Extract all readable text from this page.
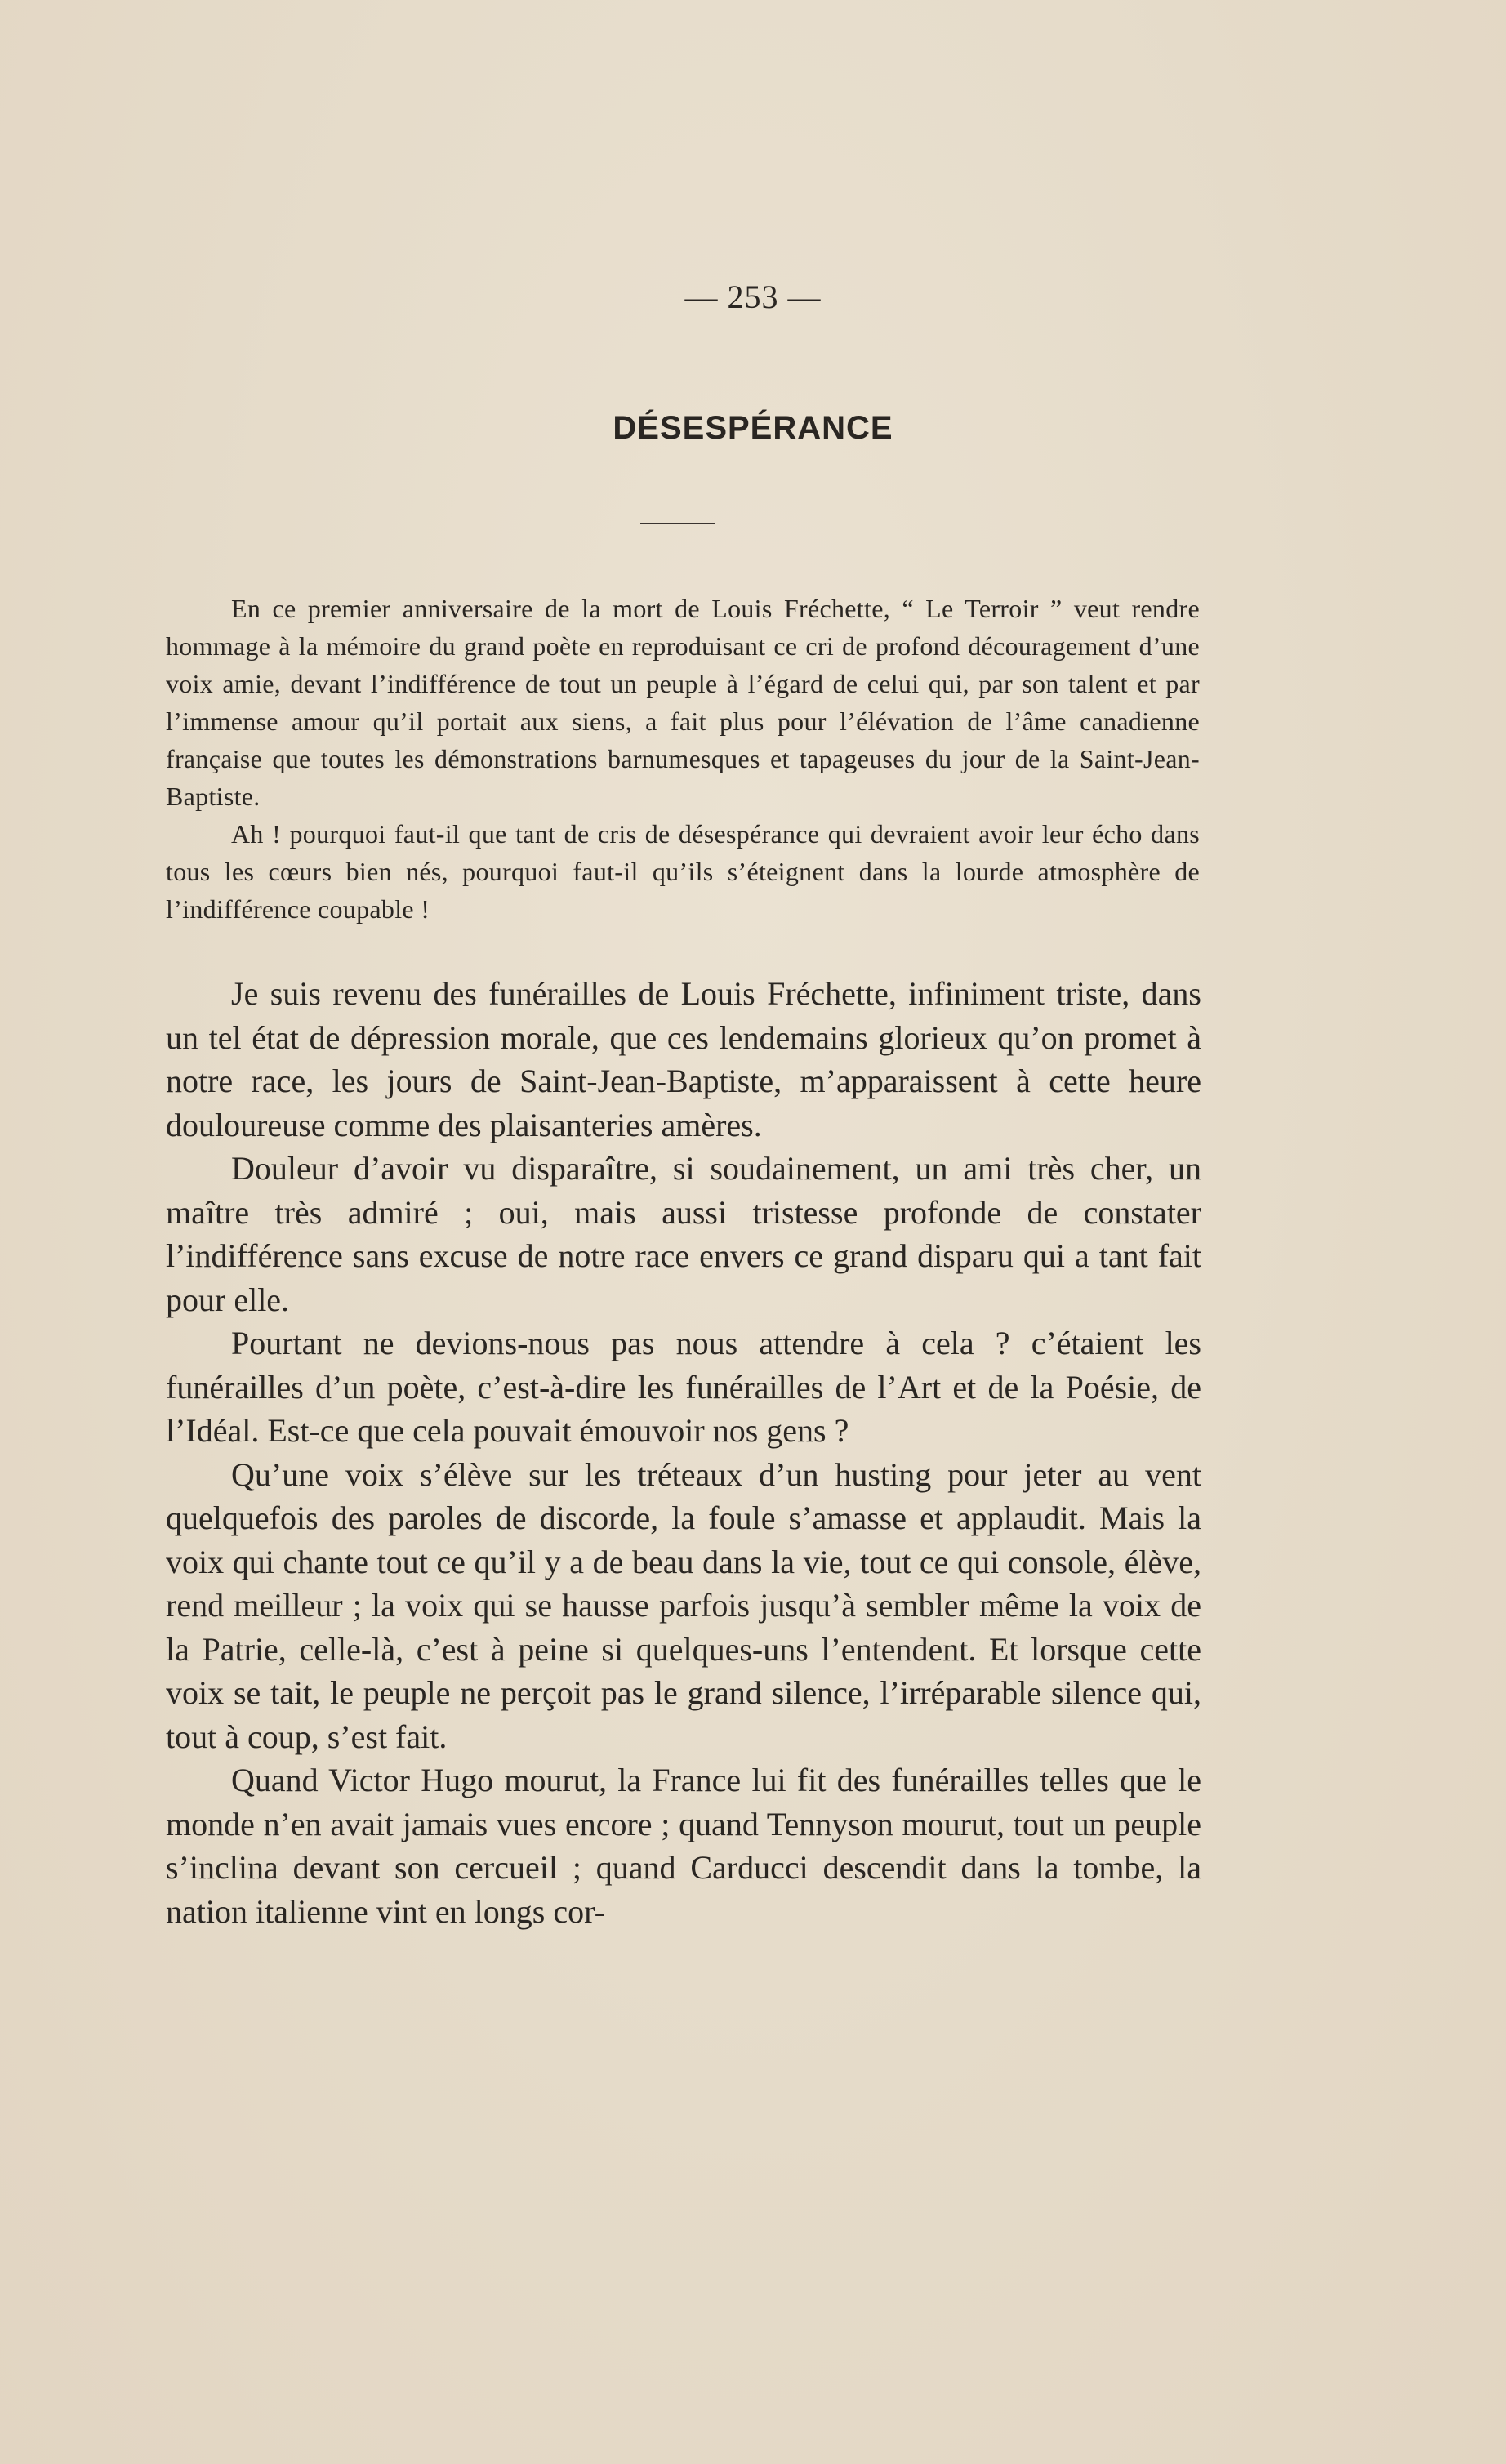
— 253 —
DÉSESPÉRANCE

En ce premier anniversaire de la mort de Louis Fréchette, “ Le Terroir ” veut rendre hommage à la mémoire du grand poète en reproduisant ce cri de profond découragement d’une voix amie, devant l’indifférence de tout un peuple à l’égard de celui qui, par son talent et par l’immense amour qu’il portait aux siens, a fait plus pour l’élévation de l’âme canadienne française que toutes les démonstrations barnumesques et tapageuses du jour de la Saint-Jean-Baptiste.

Ah ! pourquoi faut-il que tant de cris de désespérance qui devraient avoir leur écho dans tous les cœurs bien nés, pourquoi faut-il qu’ils s’éteignent dans la lourde atmosphère de l’indifférence coupable !

Je suis revenu des funérailles de Louis Fréchette, infiniment triste, dans un tel état de dépression morale, que ces lendemains glorieux qu’on promet à notre race, les jours de Saint-Jean-Baptiste, m’apparaissent à cette heure douloureuse comme des plaisanteries amères.

Douleur d’avoir vu disparaître, si soudainement, un ami très cher, un maître très admiré ; oui, mais aussi tristesse profonde de constater l’indifférence sans excuse de notre race envers ce grand disparu qui a tant fait pour elle.

Pourtant ne devions-nous pas nous attendre à cela ? c’étaient les funérailles d’un poète, c’est-à-dire les funérailles de l’Art et de la Poésie, de l’Idéal. Est-ce que cela pouvait émouvoir nos gens ?

Qu’une voix s’élève sur les tréteaux d’un husting pour jeter au vent quelquefois des paroles de discorde, la foule s’amasse et applaudit. Mais la voix qui chante tout ce qu’il y a de beau dans la vie, tout ce qui console, élève, rend meilleur ; la voix qui se hausse parfois jusqu’à sembler même la voix de la Patrie, celle-là, c’est à peine si quelques-uns l’entendent. Et lorsque cette voix se tait, le peuple ne perçoit pas le grand silence, l’irréparable silence qui, tout à coup, s’est fait.

Quand Victor Hugo mourut, la France lui fit des funérailles telles que le monde n’en avait jamais vues encore ; quand Tennyson mourut, tout un peuple s’inclina devant son cercueil ; quand Carducci descendit dans la tombe, la nation italienne vint en longs cor-
